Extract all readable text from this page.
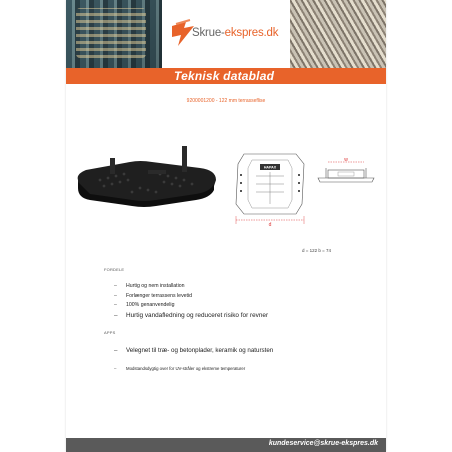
Skrue-ekspres.dk
Teknisk datablad
9200001200 - 122 mm terrasseflise
HAPAX
d
w
d = 122 b = 74
FORDELE
– Hurtig og nem installation
– Forlænger terrassens levetid
– 100% genanvendelig
– Hurtig vandafledning og reduceret risiko for revner
APPS
– Velegnet til træ- og betonplader, keramik og natursten
– Modstandsdygtig over for UV-stråler og ekstreme temperaturer
kundeservice@skrue-ekspres.dk
